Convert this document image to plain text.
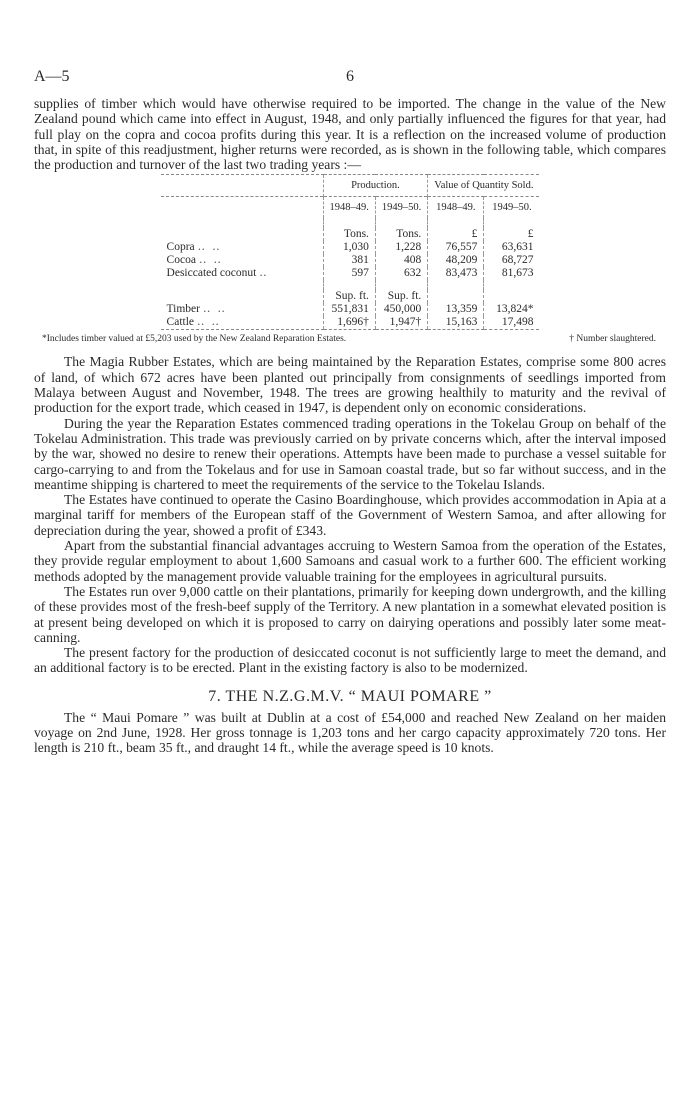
A—5	6

supplies of timber which would have otherwise required to be imported. The change in the value of the New Zealand pound which came into effect in August, 1948, and only partially influenced the figures for that year, had full play on the copra and cocoa profits during this year. It is a reflection on the increased volume of production that, in spite of this readjustment, higher returns were recorded, as is shown in the following table, which compares the production and turnover of the last two trading years :—

	Production.		Value of Quantity Sold.	
	1948–49.	1949–50.	1948–49.	1949–50.

	Tons.	Tons.	£	£
Copra ‥ ‥	1,030	1,228	76,557	63,631
Cocoa ‥ ‥	381	408	48,209	68,727
Desiccated coconut ‥	597	632	83,473	81,673

	Sup. ft.	Sup. ft.		
Timber ‥ ‥	551,831	450,000	13,359	13,824*
Cattle ‥ ‥	1,696†	1,947†	15,163	17,498
*Includes timber valued at £5,203 used by the New Zealand Reparation Estates.	† Number slaughtered.

The Magia Rubber Estates, which are being maintained by the Reparation Estates, comprise some 800 acres of land, of which 672 acres have been planted out principally from consignments of seedlings imported from Malaya between August and November, 1948. The trees are growing healthily to maturity and the revival of production for the export trade, which ceased in 1947, is dependent only on economic considerations.

During the year the Reparation Estates commenced trading operations in the Tokelau Group on behalf of the Tokelau Administration. This trade was previously carried on by private concerns which, after the interval imposed by the war, showed no desire to renew their operations. Attempts have been made to purchase a vessel suitable for cargo-carrying to and from the Tokelaus and for use in Samoan coastal trade, but so far without success, and in the meantime shipping is chartered to meet the requirements of the service to the Tokelau Islands.

The Estates have continued to operate the Casino Boardinghouse, which provides accommodation in Apia at a marginal tariff for members of the European staff of the Government of Western Samoa, and after allowing for depreciation during the year, showed a profit of £343.

Apart from the substantial financial advantages accruing to Western Samoa from the operation of the Estates, they provide regular employment to about 1,600 Samoans and casual work to a further 600. The efficient working methods adopted by the management provide valuable training for the employees in agricultural pursuits.

The Estates run over 9,000 cattle on their plantations, primarily for keeping down undergrowth, and the killing of these provides most of the fresh-beef supply of the Territory. A new plantation in a somewhat elevated position is at present being developed on which it is proposed to carry on dairying operations and possibly later some meat-canning.

The present factory for the production of desiccated coconut is not sufficiently large to meet the demand, and an additional factory is to be erected. Plant in the existing factory is also to be modernized.

7. THE N.Z.G.M.V. “ MAUI POMARE ”

The “ Maui Pomare ” was built at Dublin at a cost of £54,000 and reached New Zealand on her maiden voyage on 2nd June, 1928. Her gross tonnage is 1,203 tons and her cargo capacity approximately 720 tons. Her length is 210 ft., beam 35 ft., and draught 14 ft., while the average speed is 10 knots.
